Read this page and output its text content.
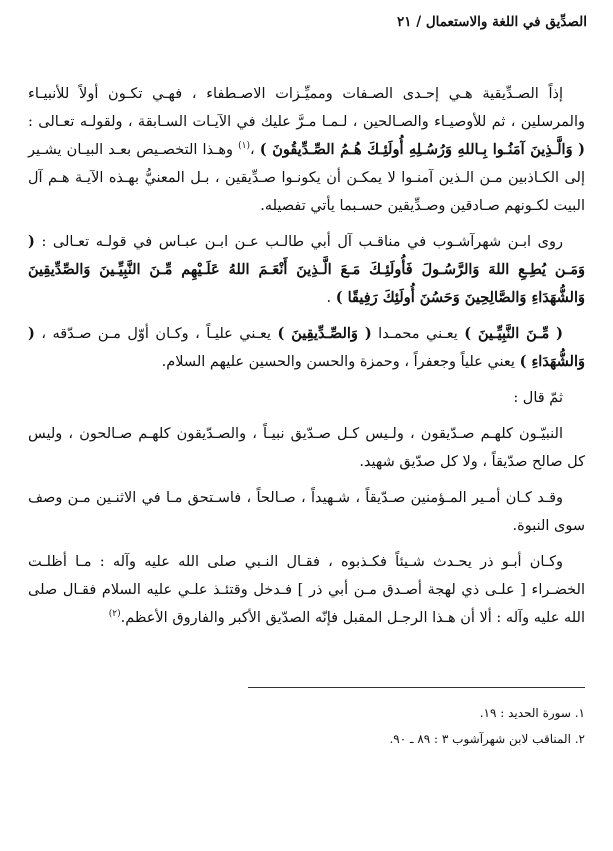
الصدِّيق في اللغة والاستعمال / ٢١

إذاً الصـدِّيقية هـي إحـدى الصـفات ومميِّـزات الاصـطفاء ، فهـي تكـون أولاً للأنبيـاء والمرسلين ، ثم للأوصيـاء والصـالحين ، لـمـا مـرَّ عليك في الآيـات السـابقة ، ولقولـه تعـالى : ( وَالَّـذِينَ آمَنُـوا بِـاللهِ وَرُسُـلِهِ أُولَئِـكَ هُـمُ الصِّـدِّيقُونَ ) ،$^{(١)}$ وهـذا التخصـيص بعـد البيـان يشـير إلى الكـاذبين مـن الـذين آمنـوا لا يمكـن أن يكونـوا صـدِّيقين ، بـل المعنيُّ بهـذه الآيـة هـم آل البيت لكـونهم صـادقين وصـدِّيقين حسـبما يأتي تفصيله.

روى ابـن شهرآشـوب في مناقـب آل أبي طالـب عـن ابـن عبـاس في قولـه تعـالى : ( وَمَـن يُطِـعِ اللهَ وَالرَّسُـولَ فَأُولَئِـكَ مَـعَ الَّـذِينَ أَنْعَـمَ اللهُ عَلَـيْهِم مِّـنَ النَّبِيِّـينَ وَالصِّدِّيقِينَ وَالشُّهَدَاءِ وَالصَّالِحِينَ وَحَسُنَ أُولَئِكَ رَفِيقًا ) .

( مِّـنَ النَّبِيِّـينَ ) يعـني محمـدا ( وَالصِّـدِّيقِينَ ) يعـني عليـاً ، وكـان أوّل مـن صـدّقه ، ( وَالشُّهَدَاءِ ) يعني علياً وجعفراً ، وحمزة والحسن والحسين عليهم السلام.

ثمّ قال :

النبيّـون كلهـم صـدّيقون ، ولـيس كـل صـدّيق نبيـاً ، والصـدّيقون كلهـم صـالحون ، وليس كل صالح صدّيقاً ، ولا كل صدّيق شهيد.

وقـد كـان أمـير المـؤمنين صـدّيقاً ، شـهيداً ، صـالحاً ، فاسـتحق مـا في الاثنـين مـن وصف سوى النبوة.

وكـان أبـو ذر يحـدث شـيئاً فكـذبوه ، فقـال النـبي صلى الله عليه وآله : مـا أظلـت الخضـراء [ علـى ذي لهجة أصـدق مـن أبي ذر ] فـدخل وقتئـذ علـي عليه السلام فقـال صلى الله عليه وآله : ألا أن هـذا الرجـل المقبل فإنّه الصدّيق الأكبر والفاروق الأعظم.$^{(٢)}$

١. سورة الحديد : ١٩.

٢. المناقب لابن شهرآشوب ٣ : ٨٩ ـ ٩٠.
